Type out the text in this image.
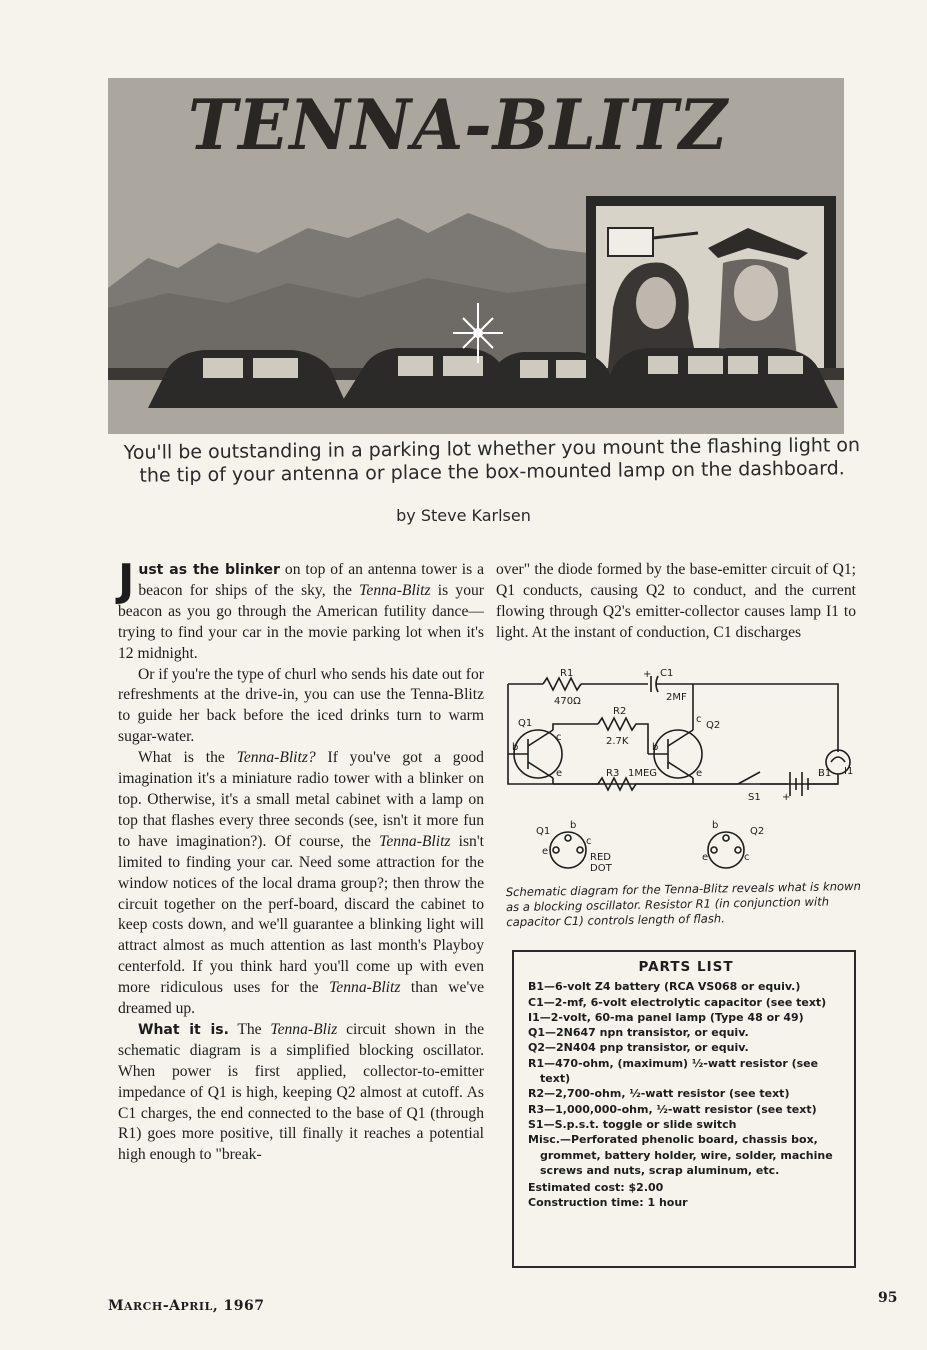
TENNA-BLITZ
You'll be outstanding in a parking lot whether you mount the flashing light on the tip of your antenna or place the box-mounted lamp on the dashboard.
by Steve Karlsen

Just as the blinker on top of an antenna tower is a beacon for ships of the sky, the Tenna-Blitz is your beacon as you go through the American futility dance—trying to find your car in the movie parking lot when it's 12 midnight.

Or if you're the type of churl who sends his date out for refreshments at the drive-in, you can use the Tenna-Blitz to guide her back before the iced drinks turn to warm sugar-water.

What is the Tenna-Blitz? If you've got a good imagination it's a miniature radio tower with a blinker on top. Otherwise, it's a small metal cabinet with a lamp on top that flashes every three seconds (see, isn't it more fun to have imagination?). Of course, the Tenna-Blitz isn't limited to finding your car. Need some attraction for the window notices of the local drama group?; then throw the circuit together on the perf-board, discard the cabinet to keep costs down, and we'll guarantee a blinking light will attract almost as much attention as last month's Playboy centerfold. If you think hard you'll come up with even more ridiculous uses for the Tenna-Blitz than we've dreamed up.

What it is. The Tenna-Bliz circuit shown in the schematic diagram is a simplified blocking oscillator. When power is first applied, collector-to-emitter impedance of Q1 is high, keeping Q2 almost at cutoff. As C1 charges, the end connected to the base of Q1 (through R1) goes more positive, till finally it reaches a potential high enough to "break-

over" the diode formed by the base-emitter circuit of Q1; Q1 conducts, causing Q2 to conduct, and the current flowing through Q2's emitter-collector causes lamp I1 to light. At the instant of conduction, C1 discharges

R1
470Ω
+ C1
2MF
R2
2.7K
Q1	Q2
b
c
e
b
c
e
R3 1MEG	I1
B1
S1 +
Q1
b
c
e
RED
DOT
Q2
b
c
e
Schematic diagram for the Tenna-Blitz reveals what is known as a blocking oscillator. Resistor R1 (in conjunction with capacitor C1) controls length of flash.
PARTS LIST
B1—6-volt Z4 battery (RCA VS068 or equiv.)
C1—2-mf, 6-volt electrolytic capacitor (see text)
I1—2-volt, 60-ma panel lamp (Type 48 or 49)
Q1—2N647 npn transistor, or equiv.
Q2—2N404 pnp transistor, or equiv.
R1—470-ohm, (maximum) ½-watt resistor (see text)
R2—2,700-ohm, ½-watt resistor (see text)
R3—1,000,000-ohm, ½-watt resistor (see text)
S1—S.p.s.t. toggle or slide switch
Misc.—Perforated phenolic board, chassis box, grommet, battery holder, wire, solder, machine screws and nuts, scrap aluminum, etc.
Estimated cost: $2.00
Construction time: 1 hour
MARCH-APRIL, 1967	95
